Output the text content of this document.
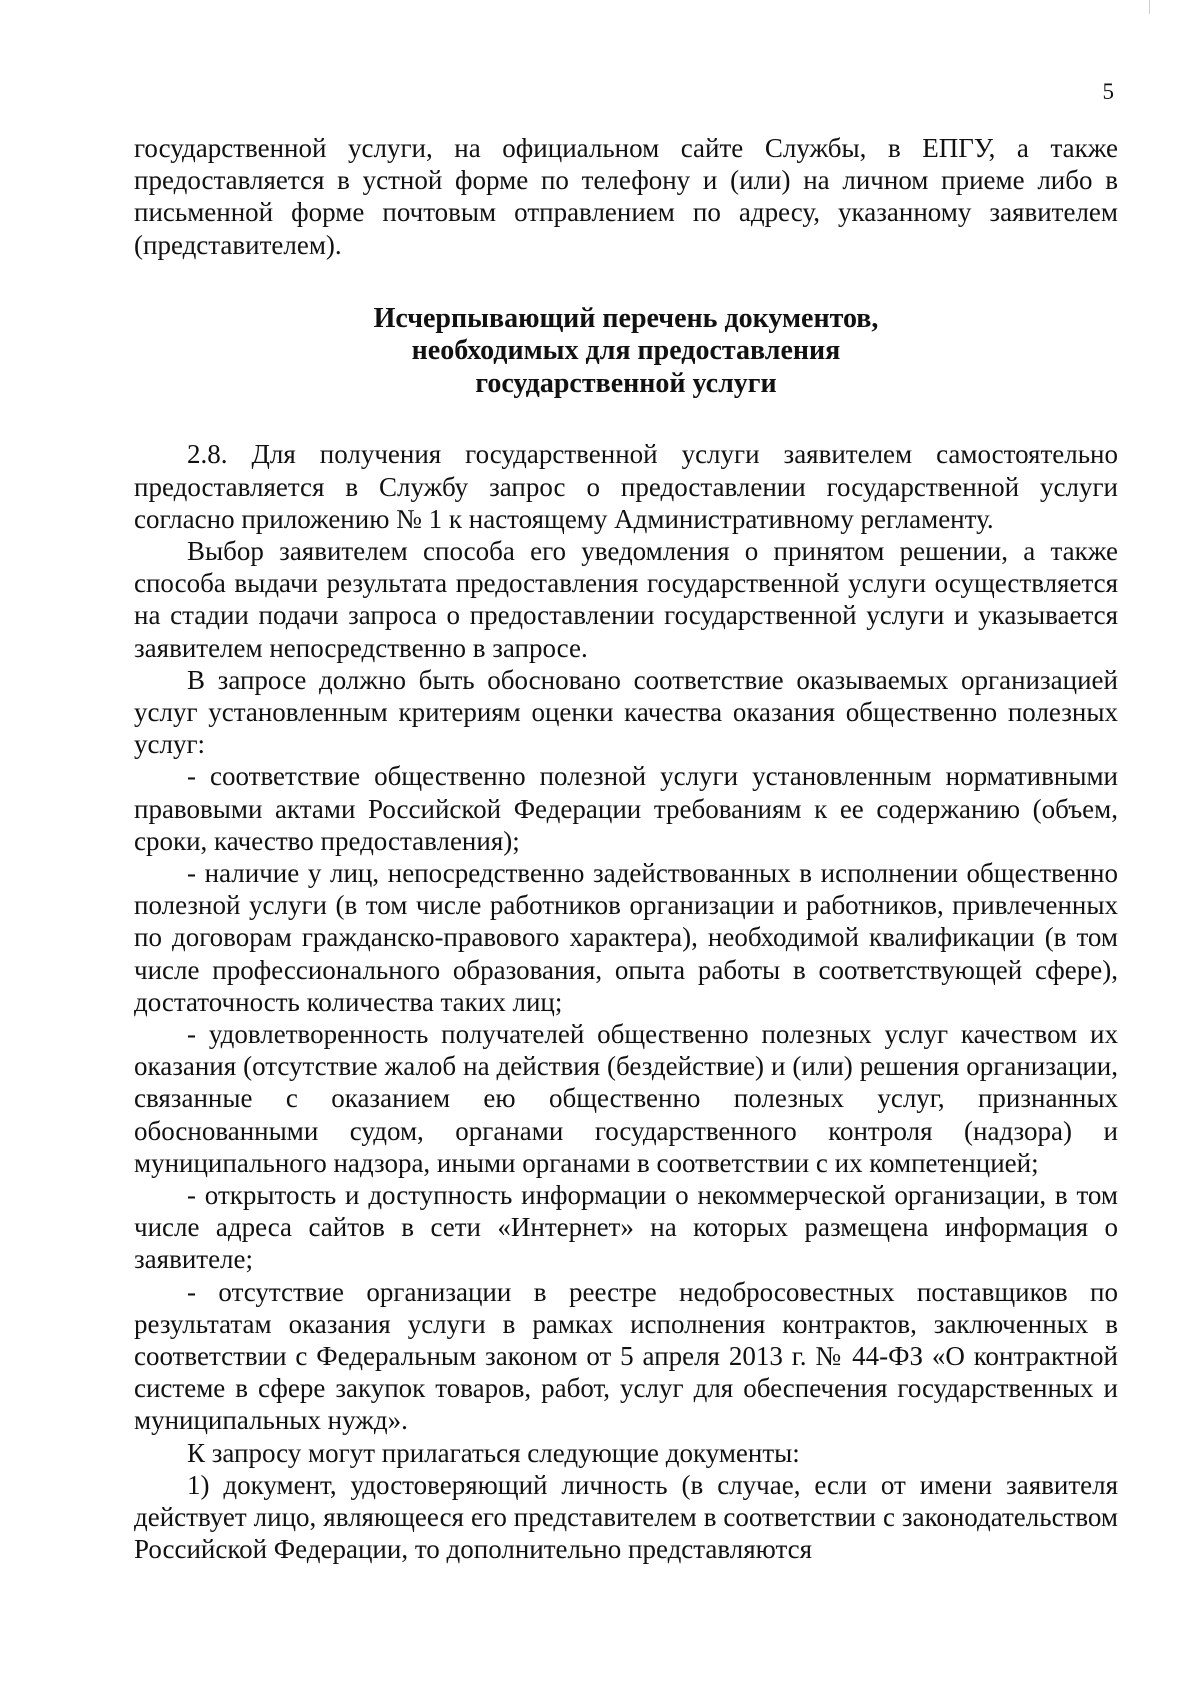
5

государственной услуги, на официальном сайте Службы, в ЕПГУ, а также предоставляется в устной форме по телефону и (или) на личном приеме либо в письменной форме почтовым отправлением по адресу, указанному заявителем (представителем).

Исчерпывающий перечень документов,
необходимых для предоставления
государственной услуги

2.8. Для получения государственной услуги заявителем самостоятельно предоставляется в Службу запрос о предоставлении государственной услуги согласно приложению № 1 к настоящему Административному регламенту.

Выбор заявителем способа его уведомления о принятом решении, а также способа выдачи результата предоставления государственной услуги осуществляется на стадии подачи запроса о предоставлении государственной услуги и указывается заявителем непосредственно в запросе.

В запросе должно быть обосновано соответствие оказываемых организацией услуг установленным критериям оценки качества оказания общественно полезных услуг:

- соответствие общественно полезной услуги установленным нормативными правовыми актами Российской Федерации требованиям к ее содержанию (объем, сроки, качество предоставления);

- наличие у лиц, непосредственно задействованных в исполнении общественно полезной услуги (в том числе работников организации и работников, привлеченных по договорам гражданско-правового характера), необходимой квалификации (в том числе профессионального образования, опыта работы в соответствующей сфере), достаточность количества таких лиц;

- удовлетворенность получателей общественно полезных услуг качеством их оказания (отсутствие жалоб на действия (бездействие) и (или) решения организации, связанные с оказанием ею общественно полезных услуг, признанных обоснованными судом, органами государственного контроля (надзора) и муниципального надзора, иными органами в соответствии с их компетенцией;

- открытость и доступность информации о некоммерческой организации, в том числе адреса сайтов в сети «Интернет» на которых размещена информация о заявителе;

- отсутствие организации в реестре недобросовестных поставщиков по результатам оказания услуги в рамках исполнения контрактов, заключенных в соответствии с Федеральным законом от 5 апреля 2013 г. № 44-ФЗ «О контрактной системе в сфере закупок товаров, работ, услуг для обеспечения государственных и муниципальных нужд».

К запросу могут прилагаться следующие документы:

1) документ, удостоверяющий личность (в случае, если от имени заявителя действует лицо, являющееся его представителем в соответствии с законодательством Российской Федерации, то дополнительно представляются
